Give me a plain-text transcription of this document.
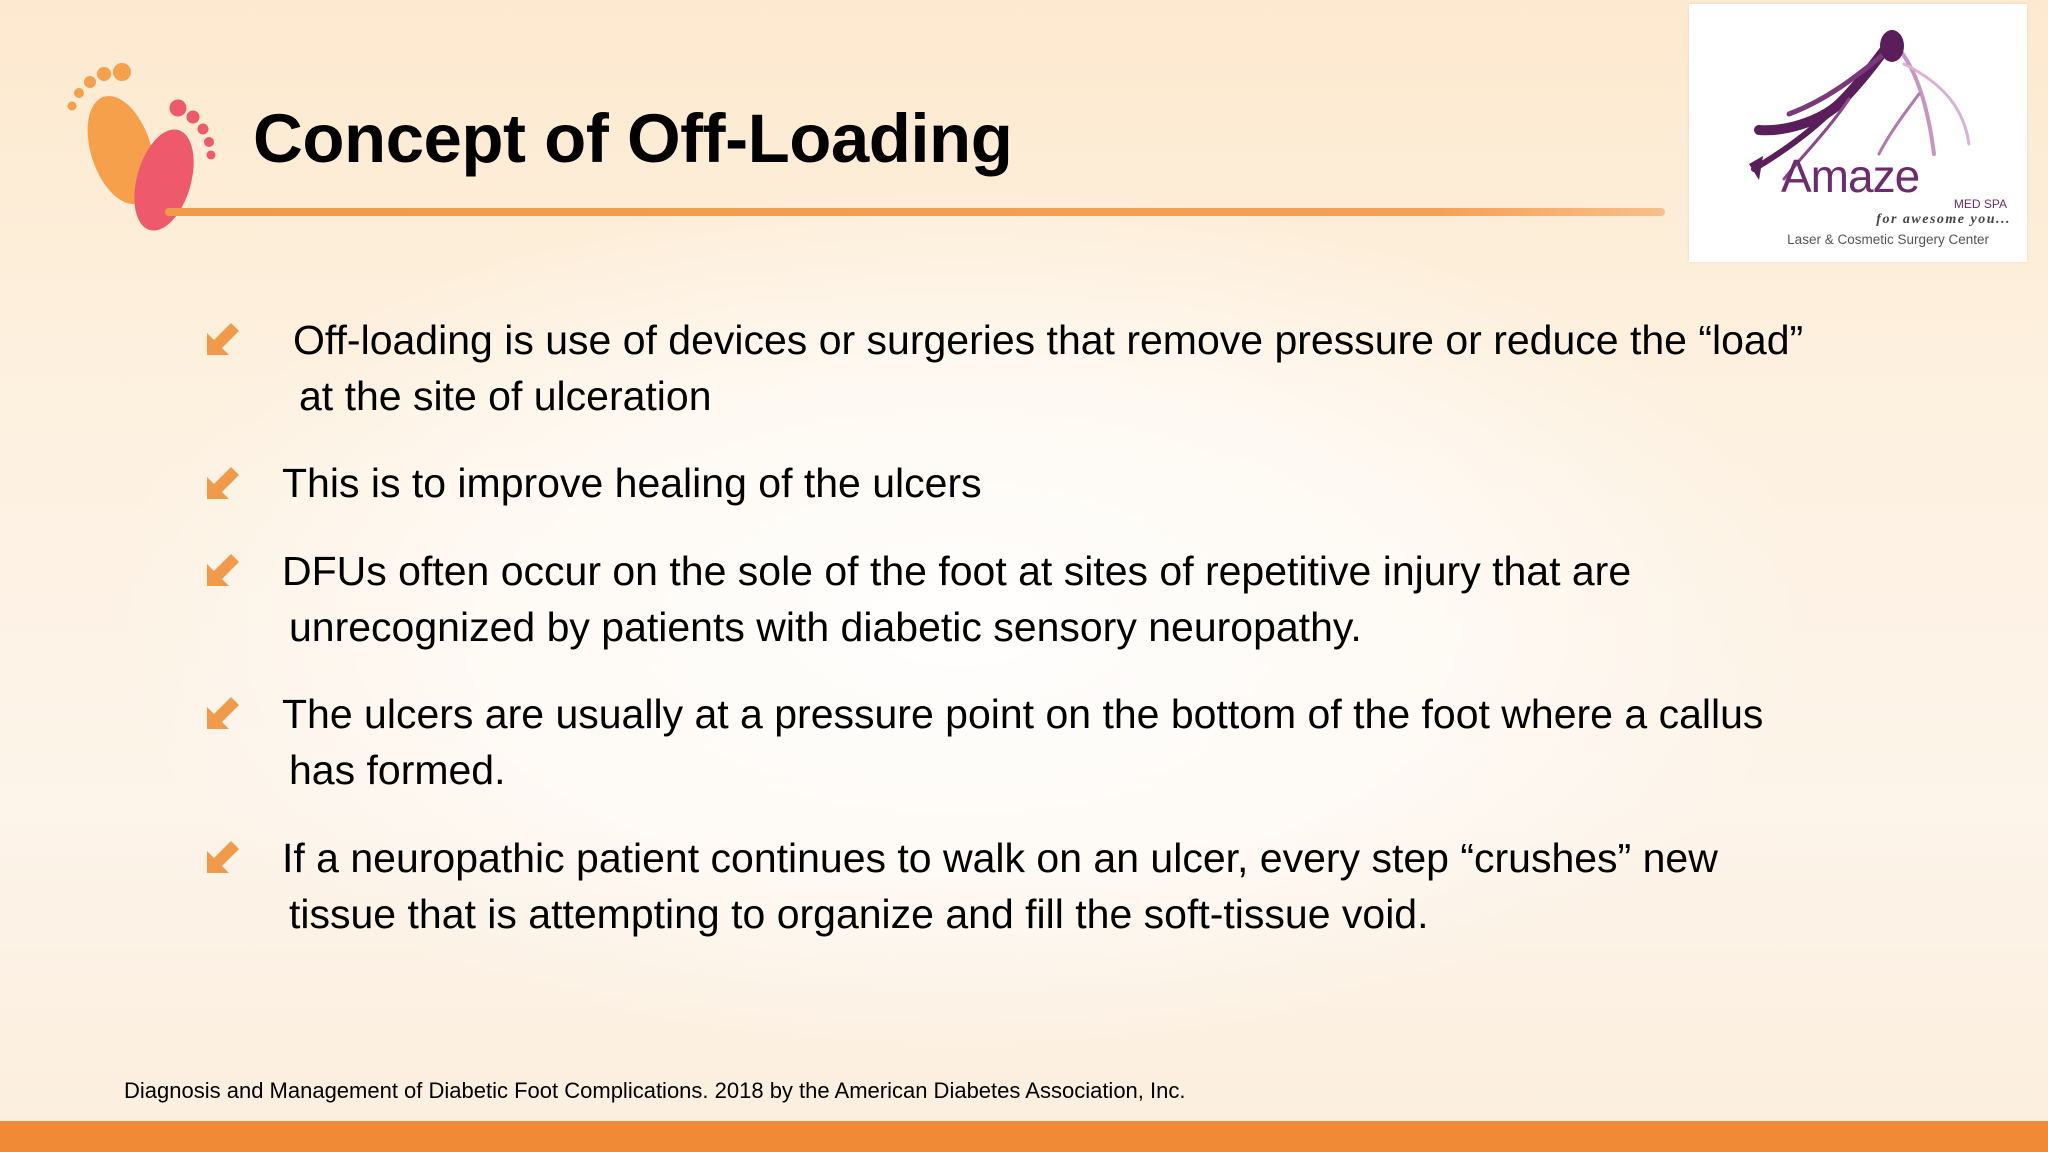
Concept of Off-Loading	Amaze
MED SPA
for awesome you...
Laser & Cosmetic Surgery Center

Off-loading is use of devices or surgeries that remove pressure or reduce the “load”

at the site of ulceration

This is to improve healing of the ulcers

DFUs often occur on the sole of the foot at sites of repetitive injury that are

unrecognized by patients with diabetic sensory neuropathy.

The ulcers are usually at a pressure point on the bottom of the foot where a callus

has formed.

If a neuropathic patient continues to walk on an ulcer, every step “crushes” new

tissue that is attempting to organize and fill the soft-tissue void.

Diagnosis and Management of Diabetic Foot Complications. 2018 by the American Diabetes Association, Inc.
